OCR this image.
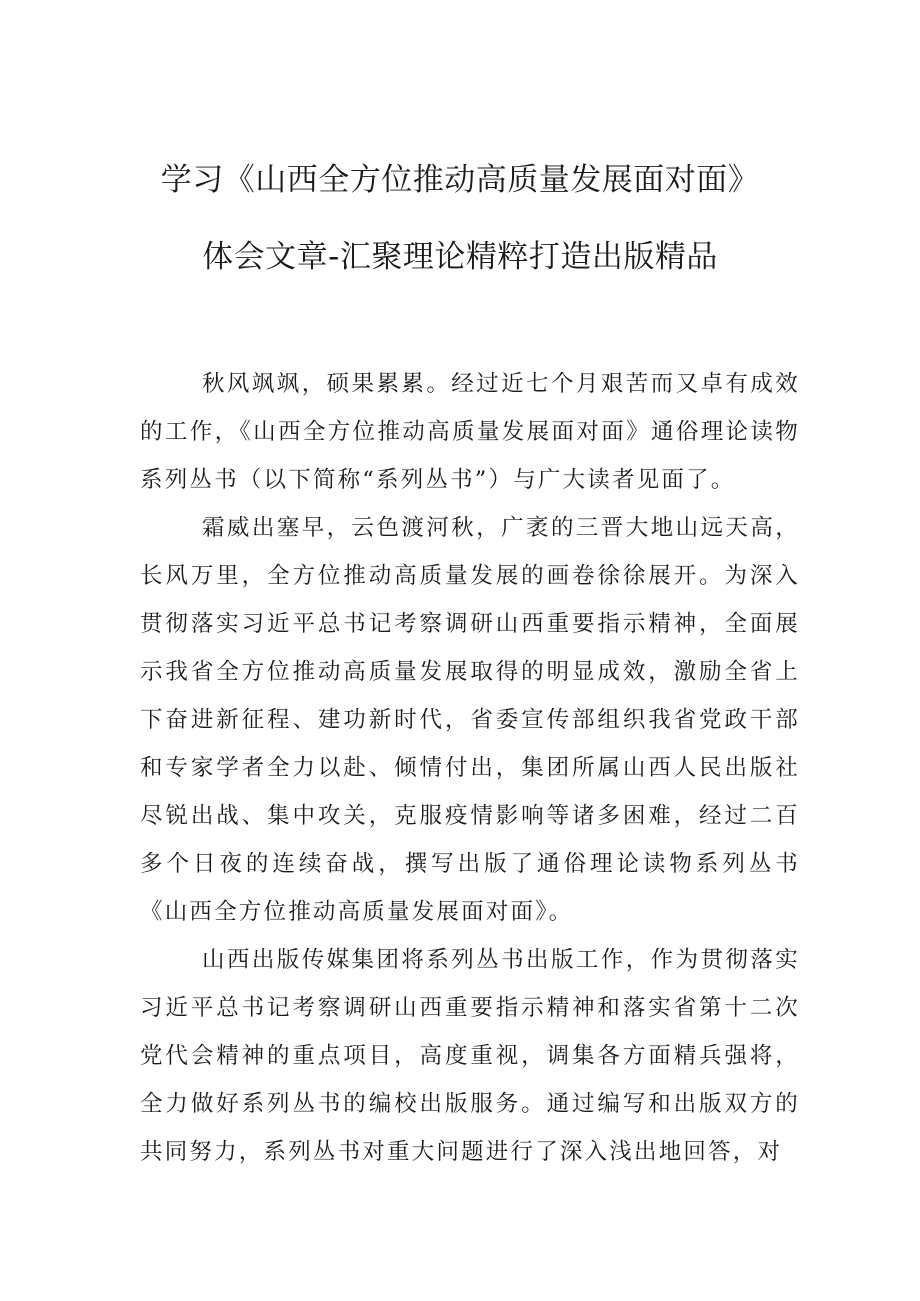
学习《山西全方位推动高质量发展面对面》
体会文章-汇聚理论精粹打造出版精品

秋风飒飒，硕果累累。经过近七个月艰苦而又卓有成效的工作，《山西全方位推动高质量发展面对面》通俗理论读物系列丛书（以下简称“系列丛书”）与广大读者见面了。

霜威出塞早，云色渡河秋，广袤的三晋大地山远天高，长风万里，全方位推动高质量发展的画卷徐徐展开。为深入贯彻落实习近平总书记考察调研山西重要指示精神，全面展示我省全方位推动高质量发展取得的明显成效，激励全省上下奋进新征程、建功新时代，省委宣传部组织我省党政干部和专家学者全力以赴、倾情付出，集团所属山西人民出版社尽锐出战、集中攻关，克服疫情影响等诸多困难，经过二百多个日夜的连续奋战，撰写出版了通俗理论读物系列丛书《山西全方位推动高质量发展面对面》。

山西出版传媒集团将系列丛书出版工作，作为贯彻落实习近平总书记考察调研山西重要指示精神和落实省第十二次党代会精神的重点项目，高度重视，调集各方面精兵强将，全力做好系列丛书的编校出版服务。通过编写和出版双方的共同努力，系列丛书对重大问题进行了深入浅出地回答，对
